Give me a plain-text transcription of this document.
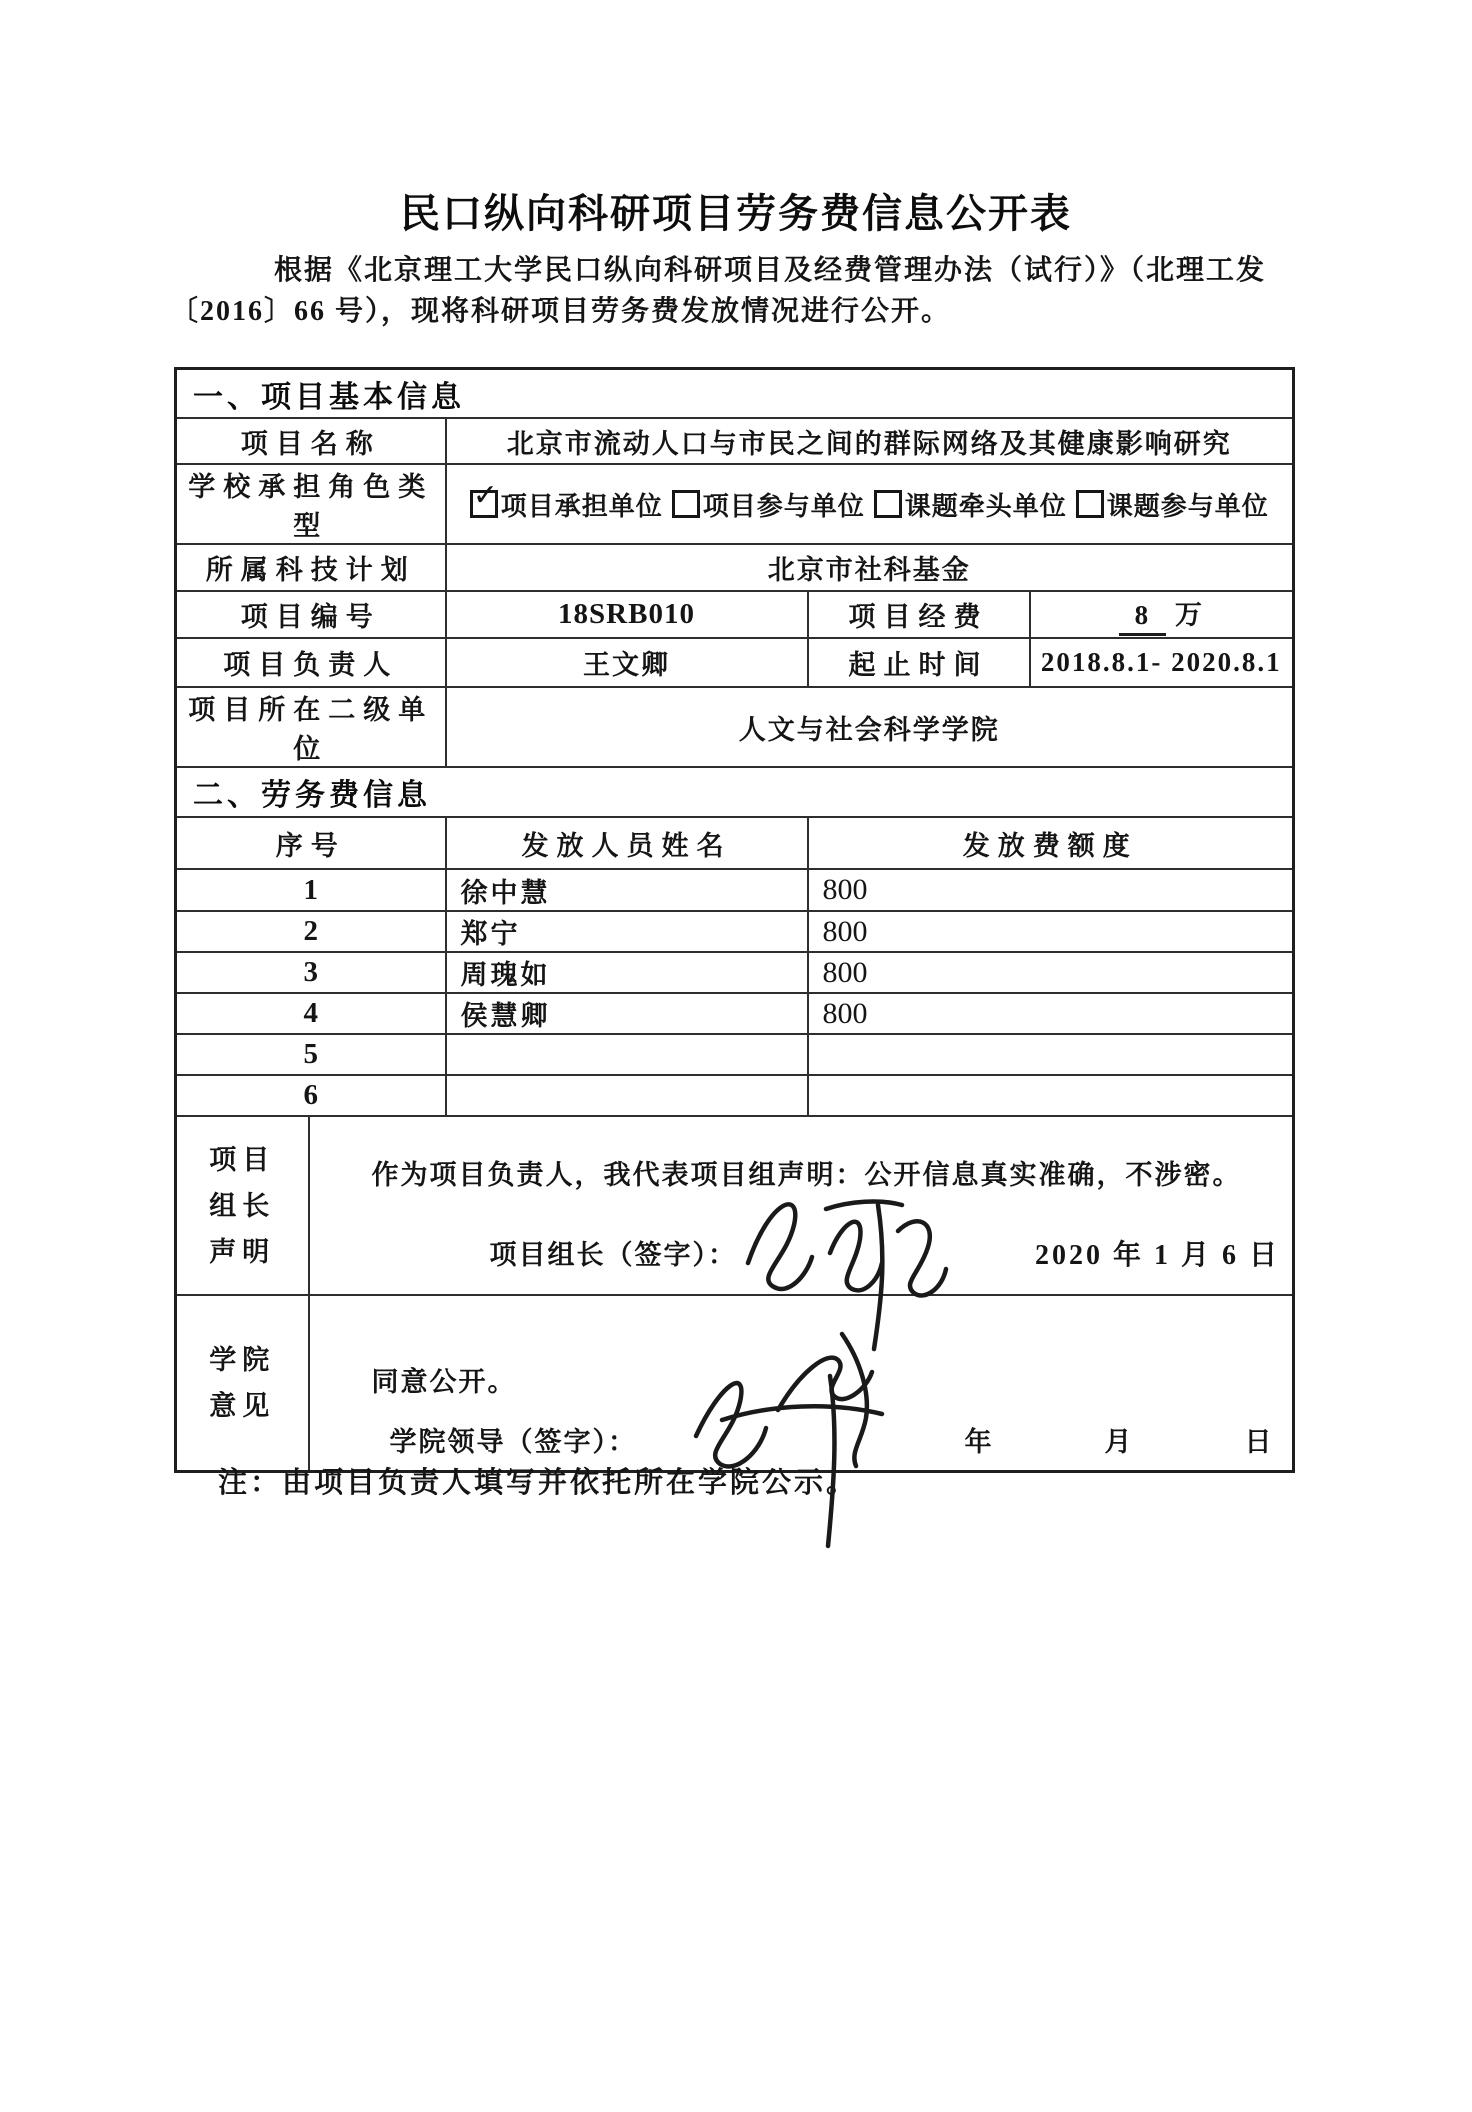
民口纵向科研项目劳务费信息公开表
根据《北京理工大学民口纵向科研项目及经费管理办法（试行）》（北理工发
〔2016〕66 号），现将科研项目劳务费发放情况进行公开。
一、项目基本信息				
项目名称		北京市流动人口与市民之间的群际网络及其健康影响研究		
学校承担角色类型		✓ 项目承担单位 项目参与单位 课题牵头单位 课题参与单位		
所属科技计划		北京市社科基金		
项目编号		18SRB010	项目经费	8 万
项目负责人		王文卿	起止时间	2018.8.1- 2020.8.1
项目所在二级单位		人文与社会科学学院		
二、劳务费信息				
序号		发放人员姓名	发放费额度	
1		徐中慧	800	
2		郑宁	800	
3		周瑰如	800	
4		侯慧卿	800	
5				
6				

项目
组长
声明

作为项目负责人，我代表项目组声明：公开信息真实准确，不涉密。
项目组长（签字）：	2020 年 1 月 6 日

学院
意见

同意公开。
学院领导（签字）：	年	月	日
注：由项目负责人填写并依托所在学院公示。
